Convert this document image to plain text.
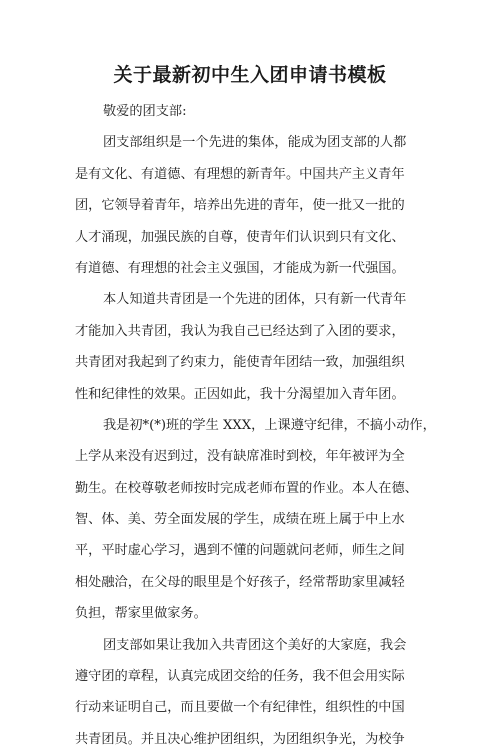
关于最新初中生入团申请书模板

敬爱的团支部:

团支部组织是一个先进的集体，能成为团支部的人都

是有文化、有道德、有理想的新青年。中国共产主义青年

团，它领导着青年，培养出先进的青年，使一批又一批的

人才涌现，加强民族的自尊，使青年们认识到只有文化、

有道德、有理想的社会主义强国，才能成为新一代强国。

本人知道共青团是一个先进的团体，只有新一代青年

才能加入共青团，我认为我自己已经达到了入团的要求，

共青团对我起到了约束力，能使青年团结一致，加强组织

性和纪律性的效果。正因如此，我十分渴望加入青年团。

我是初*(*)班的学生 XXX，上课遵守纪律，不搞小动作，

上学从来没有迟到过，没有缺席准时到校，年年被评为全

勤生。在校尊敬老师按时完成老师布置的作业。本人在德、

智、体、美、劳全面发展的学生，成绩在班上属于中上水

平，平时虚心学习，遇到不懂的问题就问老师，师生之间

相处融洽，在父母的眼里是个好孩子，经常帮助家里减轻

负担，帮家里做家务。

团支部如果让我加入共青团这个美好的大家庭，我会

遵守团的章程，认真完成团交给的任务，我不但会用实际

行动来证明自己，而且要做一个有纪律性，组织性的中国

共青团员。并且决心维护团组织，为团组织争光，为校争
